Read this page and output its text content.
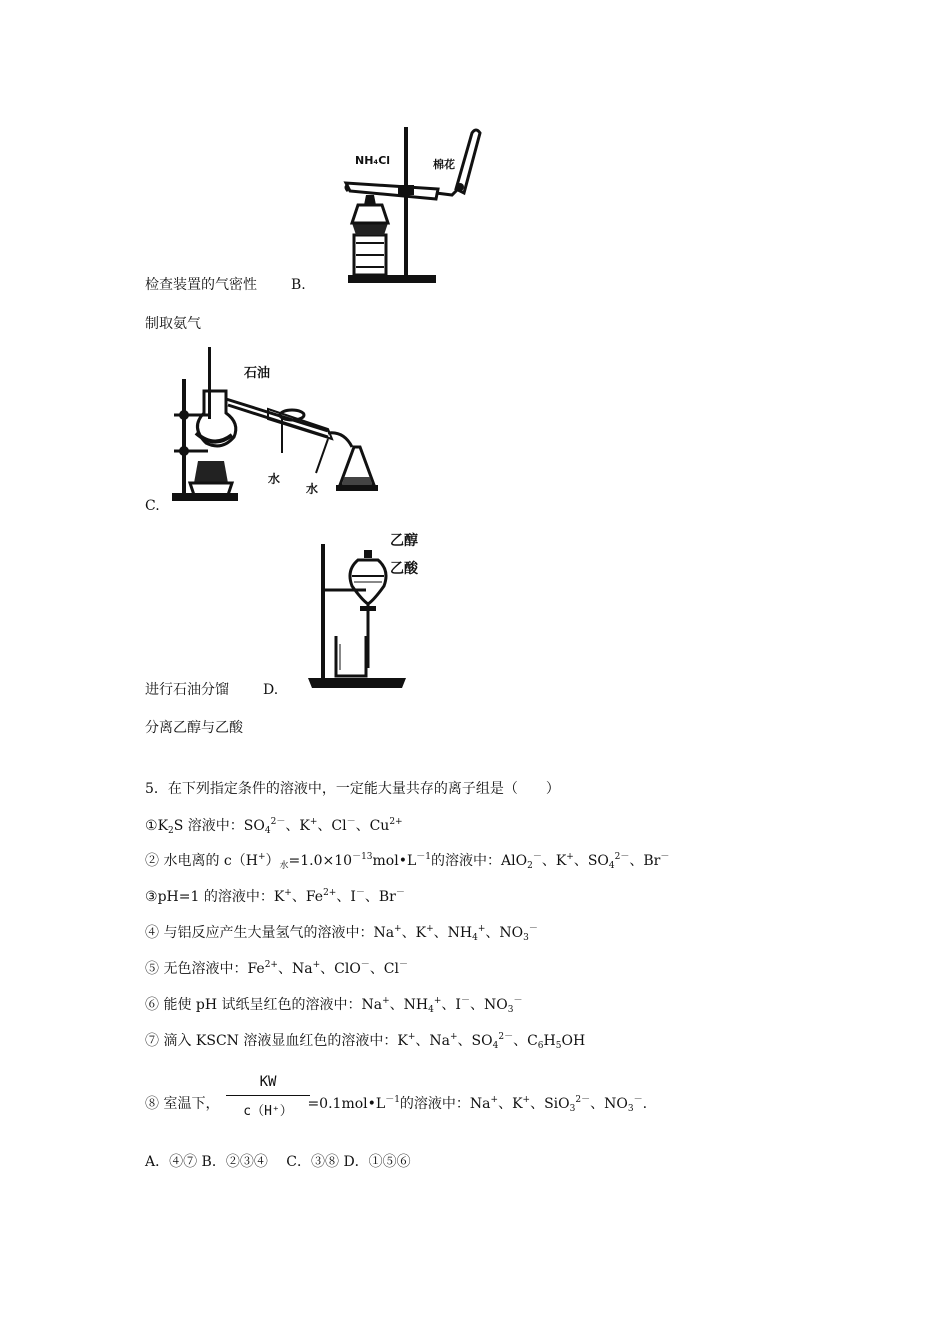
NH₄Cl	棉花
检查装置的气密性 B.
制取氨气
石油
水
水
C.
乙醇
乙酸
进行石油分馏 D.
分离乙醇与乙酸
5．在下列指定条件的溶液中，一定能大量共存的离子组是（　　）
$①K_2S$ 溶液中：$SO_4^{2-}$、K+、Cl－、$Cu^{2+}$
② 水电离的 $c(H^+)_水=1.0\times 10^{-13}mol•L^{-1}$的溶液中：AlO$_2$－、K+、$SO_4^{2-}$、Br－
③pH=1 的溶液中：K+、$Fe^{2+}$、I－、Br－
④ 与铝反应产生大量氢气的溶液中：Na+、K+、$NH_4^+$、$NO_3^-$
⑤ 无色溶液中：$Fe^{2+}$、Na+、ClO－、Cl－
⑥ 能使 pH 试纸呈红色的溶液中：Na+、$NH_4^+$、I－、$NO_3^-$
⑦ 滴入 KSCN 溶液显血红色的溶液中：K+、Na+、$SO_4^{2-}$、$C_6H_5OH$
⑧ 室温下，	$=0.1mol•L^{-1}$的溶液中：Na+、K+、SiO$_3^{2-}$、$NO_3^-$.
KW
c（H⁺）
A．④⑦ B．②③④　 C．③⑧ D．①⑤⑥
